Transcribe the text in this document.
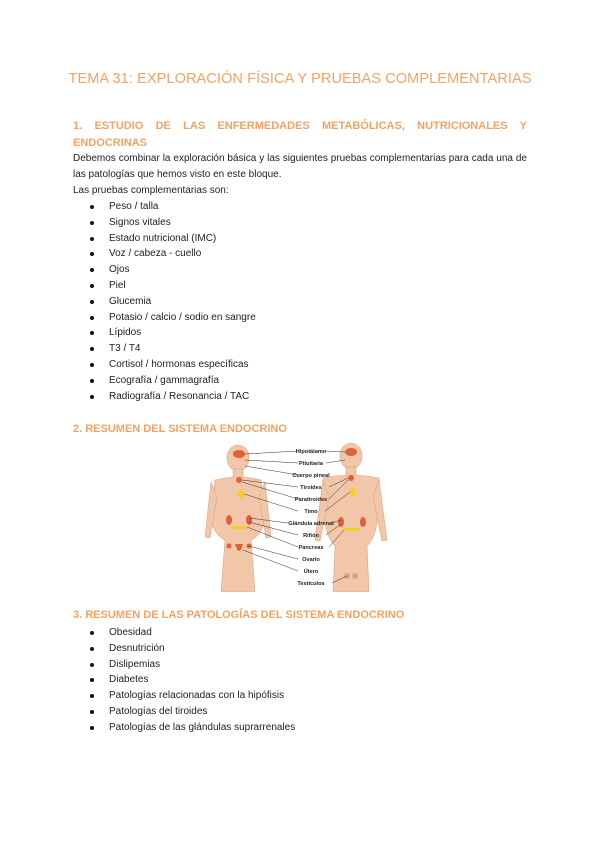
TEMA 31: EXPLORACIÓN FÍSICA Y PRUEBAS COMPLEMENTARIAS
1. ESTUDIO DE LAS ENFERMEDADES METABÓLICAS, NUTRICIONALES Y ENDOCRINAS
Debemos combinar la exploración básica y las siguientes pruebas complementarias para cada una de las patologías que hemos visto en este bloque.
Las pruebas complementarias son:
Peso / talla
Signos vitales
Estado nutricional (IMC)
Voz / cabeza - cuello
Ojos
Piel
Glucemia
Potasio / calcio / sodio en sangre
Lípidos
T3 / T4
Cortisol / hormonas específicas
Ecografía / gammagrafía
Radiografía / Resonancia / TAC
2. RESUMEN DEL SISTEMA ENDOCRINO
Hipotálamo
Pituitaria
Cuerpo pineal
Tiroides
Paratiroides
Timo
Glándula adrenal
Riñón
Páncreas
Ovario
Útero
Testículos
3. RESUMEN DE LAS PATOLOGÍAS DEL SISTEMA ENDOCRINO
Obesidad
Desnutrición
Dislipemias
Diabetes
Patologías relacionadas con la hipófisis
Patologías del tiroides
Patologías de las glándulas suprarrenales
